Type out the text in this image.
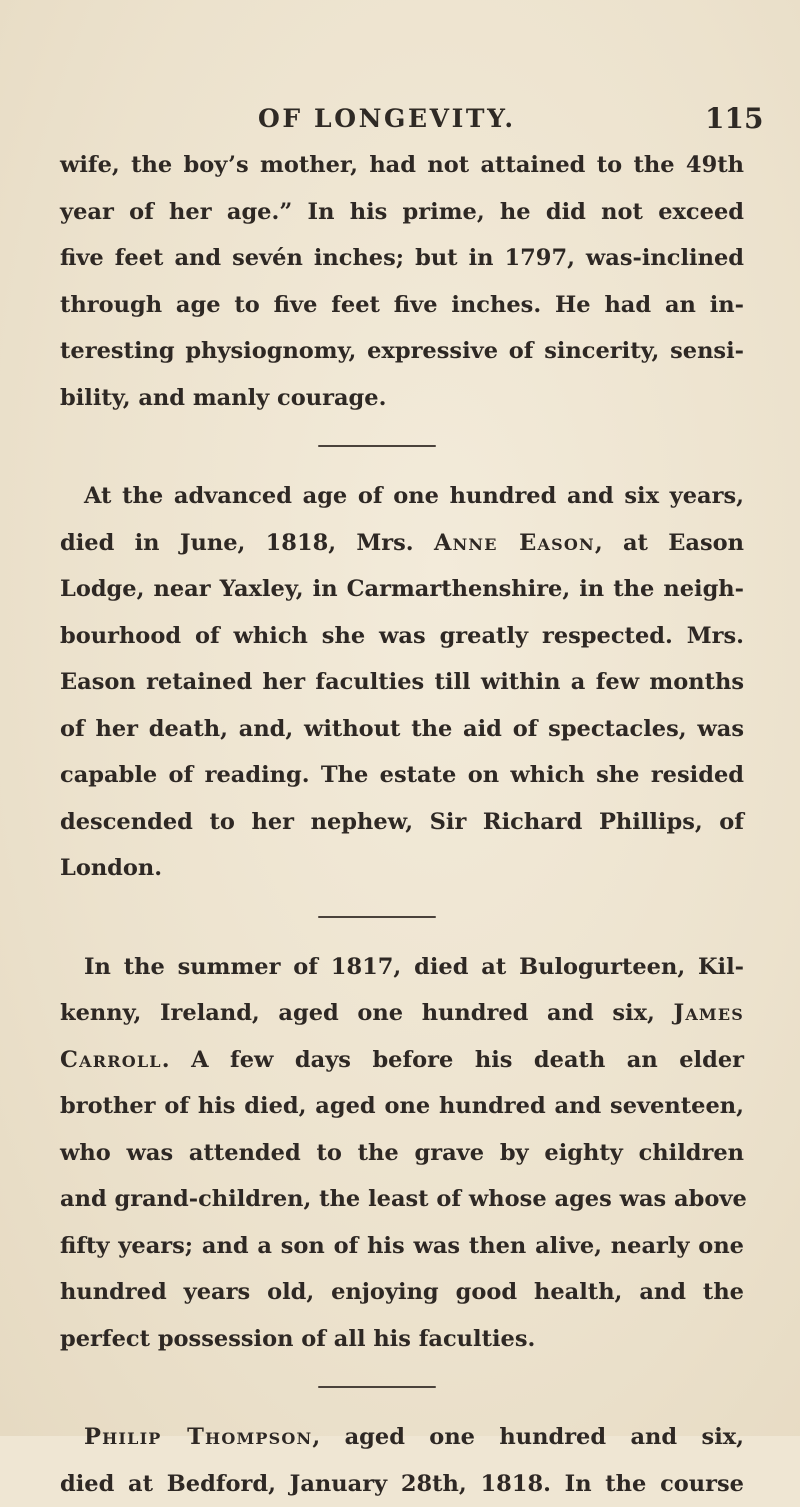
OF LONGEVITY.	115
wife, the boy’s mother, had not attained to the 49th
year of her age.” In his prime, he did not exceed
five feet and sevén inches; but in 1797, was-inclined
through age to five feet five inches. He had an in-
teresting physiognomy, expressive of sincerity, sensi-
bility, and manly courage.
At the advanced age of one hundred and six years,
died in June, 1818, Mrs. Anne Eason, at Eason
Lodge, near Yaxley, in Carmarthenshire, in the neigh-
bourhood of which she was greatly respected. Mrs.
Eason retained her faculties till within a few months
of her death, and, without the aid of spectacles, was
capable of reading. The estate on which she resided
descended to her nephew, Sir Richard Phillips, of
London.
In the summer of 1817, died at Bulogurteen, Kil-
kenny, Ireland, aged one hundred and six, James
Carroll. A few days before his death an elder
brother of his died, aged one hundred and seventeen,
who was attended to the grave by eighty children
and grand-children, the least of whose ages was above
fifty years; and a son of his was then alive, nearly one
hundred years old, enjoying good health, and the
perfect possession of all his faculties.
Philip Thompson, aged one hundred and six,
died at Bedford, January 28th, 1818. In the course
